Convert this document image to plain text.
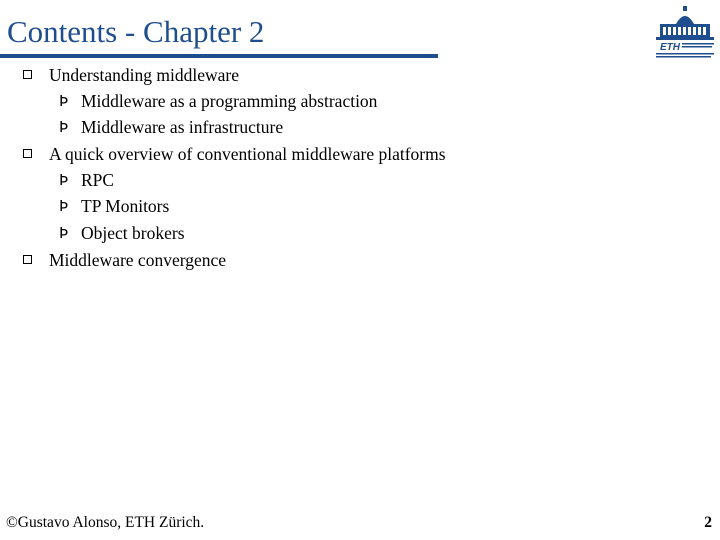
Contents - Chapter 2	ETH
Understanding middleware
Þ Middleware as a programming abstraction
Þ Middleware as infrastructure
A quick overview of conventional middleware platforms
Þ RPC
Þ TP Monitors
Þ Object brokers
Middleware convergence
©Gustavo Alonso, ETH Zürich.	2
